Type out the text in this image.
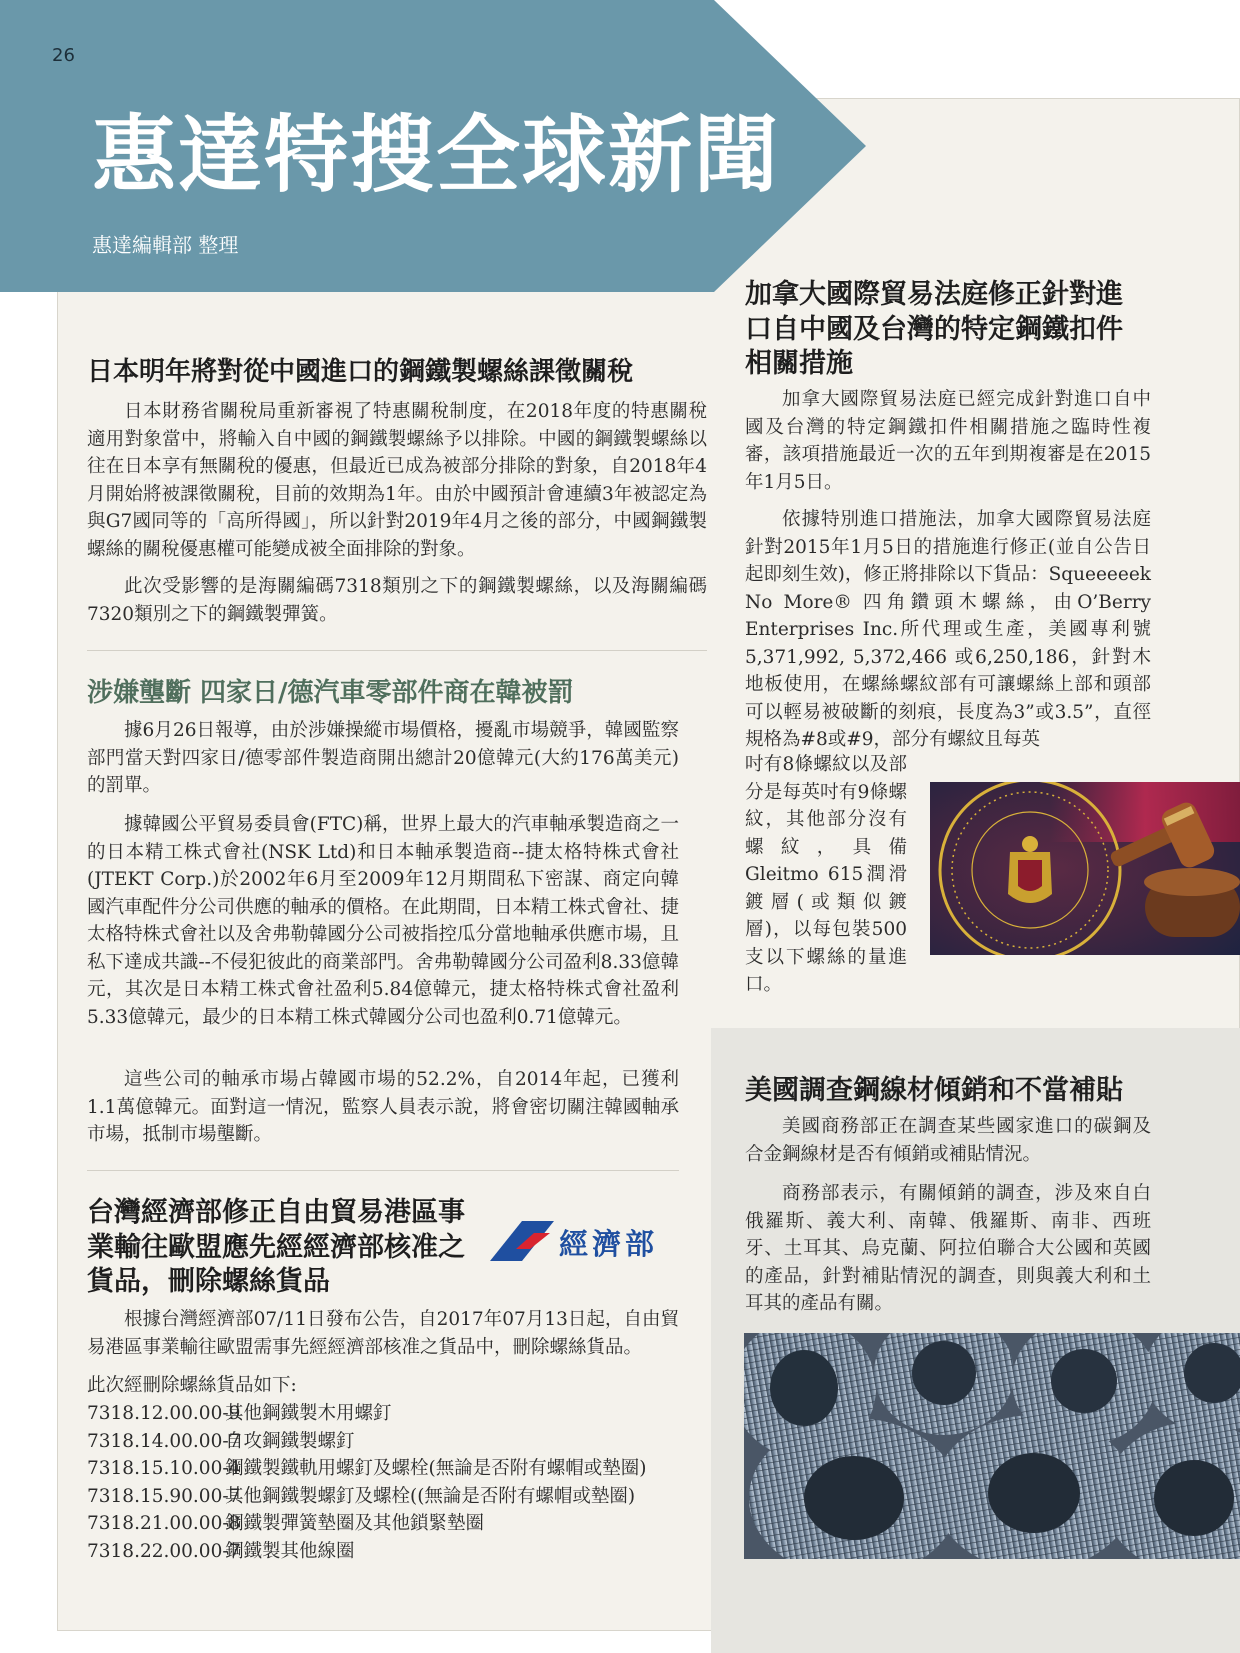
26
惠達特搜全球新聞
惠達編輯部 整理
日本明年將對從中國進口的鋼鐵製螺絲課徵關稅

日本財務省關稅局重新審視了特惠關稅制度，在2018年度的特惠關稅適用對象當中，將輸入自中國的鋼鐵製螺絲予以排除。中國的鋼鐵製螺絲以往在日本享有無關稅的優惠，但最近已成為被部分排除的對象，自2018年4月開始將被課徵關稅，目前的效期為1年。由於中國預計會連續3年被認定為與G7國同等的「高所得國」，所以針對2019年4月之後的部分，中國鋼鐵製螺絲的關稅優惠權可能變成被全面排除的對象。

此次受影響的是海關編碼7318類別之下的鋼鐵製螺絲，以及海關編碼7320類別之下的鋼鐵製彈簧。

涉嫌壟斷 四家日/德汽車零部件商在韓被罰

據6月26日報導，由於涉嫌操縱市場價格，擾亂市場競爭，韓國監察部門當天對四家日/德零部件製造商開出總計20億韓元(大約176萬美元)的罰單。

據韓國公平貿易委員會(FTC)稱，世界上最大的汽車軸承製造商之一的日本精工株式會社(NSK Ltd)和日本軸承製造商--捷太格特株式會社(JTEKT Corp.)於2002年6月至2009年12月期間私下密謀、商定向韓國汽車配件分公司供應的軸承的價格。在此期間，日本精工株式會社、捷太格特株式會社以及舍弗勒韓國分公司被指控瓜分當地軸承供應市場，且私下達成共識--不侵犯彼此的商業部門。舍弗勒韓國分公司盈利8.33億韓元，其次是日本精工株式會社盈利5.84億韓元，捷太格特株式會社盈利5.33億韓元，最少的日本精工株式韓國分公司也盈利0.71億韓元。

這些公司的軸承市場占韓國市場的52.2%，自2014年起，已獲利1.1萬億韓元。面對這一情況，監察人員表示說，將會密切關注韓國軸承市場，抵制市場壟斷。

台灣經濟部修正自由貿易港區事業輸往歐盟應先經經濟部核准之貨品，刪除螺絲貨品
經濟部

根據台灣經濟部07/11日發布公告，自2017年07月13日起，自由貿易港區事業輸往歐盟需事先經經濟部核准之貨品中，刪除螺絲貨品。

此次經刪除螺絲貨品如下:

7318.12.00.00-9其他鋼鐵製木用螺釘
7318.14.00.00-7自攻鋼鐵製螺釘
7318.15.10.00-4鋼鐵製鐵軌用螺釘及螺栓(無論是否附有螺帽或墊圈)
7318.15.90.00-7其他鋼鐵製螺釘及螺栓((無論是否附有螺帽或墊圈)
7318.21.00.00-8鋼鐵製彈簧墊圈及其他鎖緊墊圈
7318.22.00.00-7鋼鐵製其他線圈
加拿大國際貿易法庭修正針對進口自中國及台灣的特定鋼鐵扣件相關措施

加拿大國際貿易法庭已經完成針對進口自中國及台灣的特定鋼鐵扣件相關措施之臨時性複審，該項措施最近一次的五年到期複審是在2015年1月5日。

依據特別進口措施法，加拿大國際貿易法庭針對2015年1月5日的措施進行修正(並自公告日起即刻生效)，修正將排除以下貨品：Squeeeeek No More® 四角鑽頭木螺絲，由O’Berry Enterprises Inc.所代理或生產，美國專利號 5,371,992, 5,372,466 或6,250,186，針對木地板使用，在螺絲螺紋部有可讓螺絲上部和頭部可以輕易被破斷的刻痕，長度為3”或3.5”，直徑規格為#8或#9，部分有螺紋且每英

吋有8條螺紋以及部分是每英吋有9條螺紋，其他部分沒有螺紋，具備Gleitmo 615潤滑鍍層(或類似鍍層)，以每包裝500支以下螺絲的量進口。

美國調查鋼線材傾銷和不當補貼

美國商務部正在調查某些國家進口的碳鋼及合金鋼線材是否有傾銷或補貼情況。

商務部表示，有關傾銷的調查，涉及來自白俄羅斯、義大利、南韓、俄羅斯、南非、西班牙、土耳其、烏克蘭、阿拉伯聯合大公國和英國的產品，針對補貼情況的調查，則與義大利和土耳其的產品有關。
